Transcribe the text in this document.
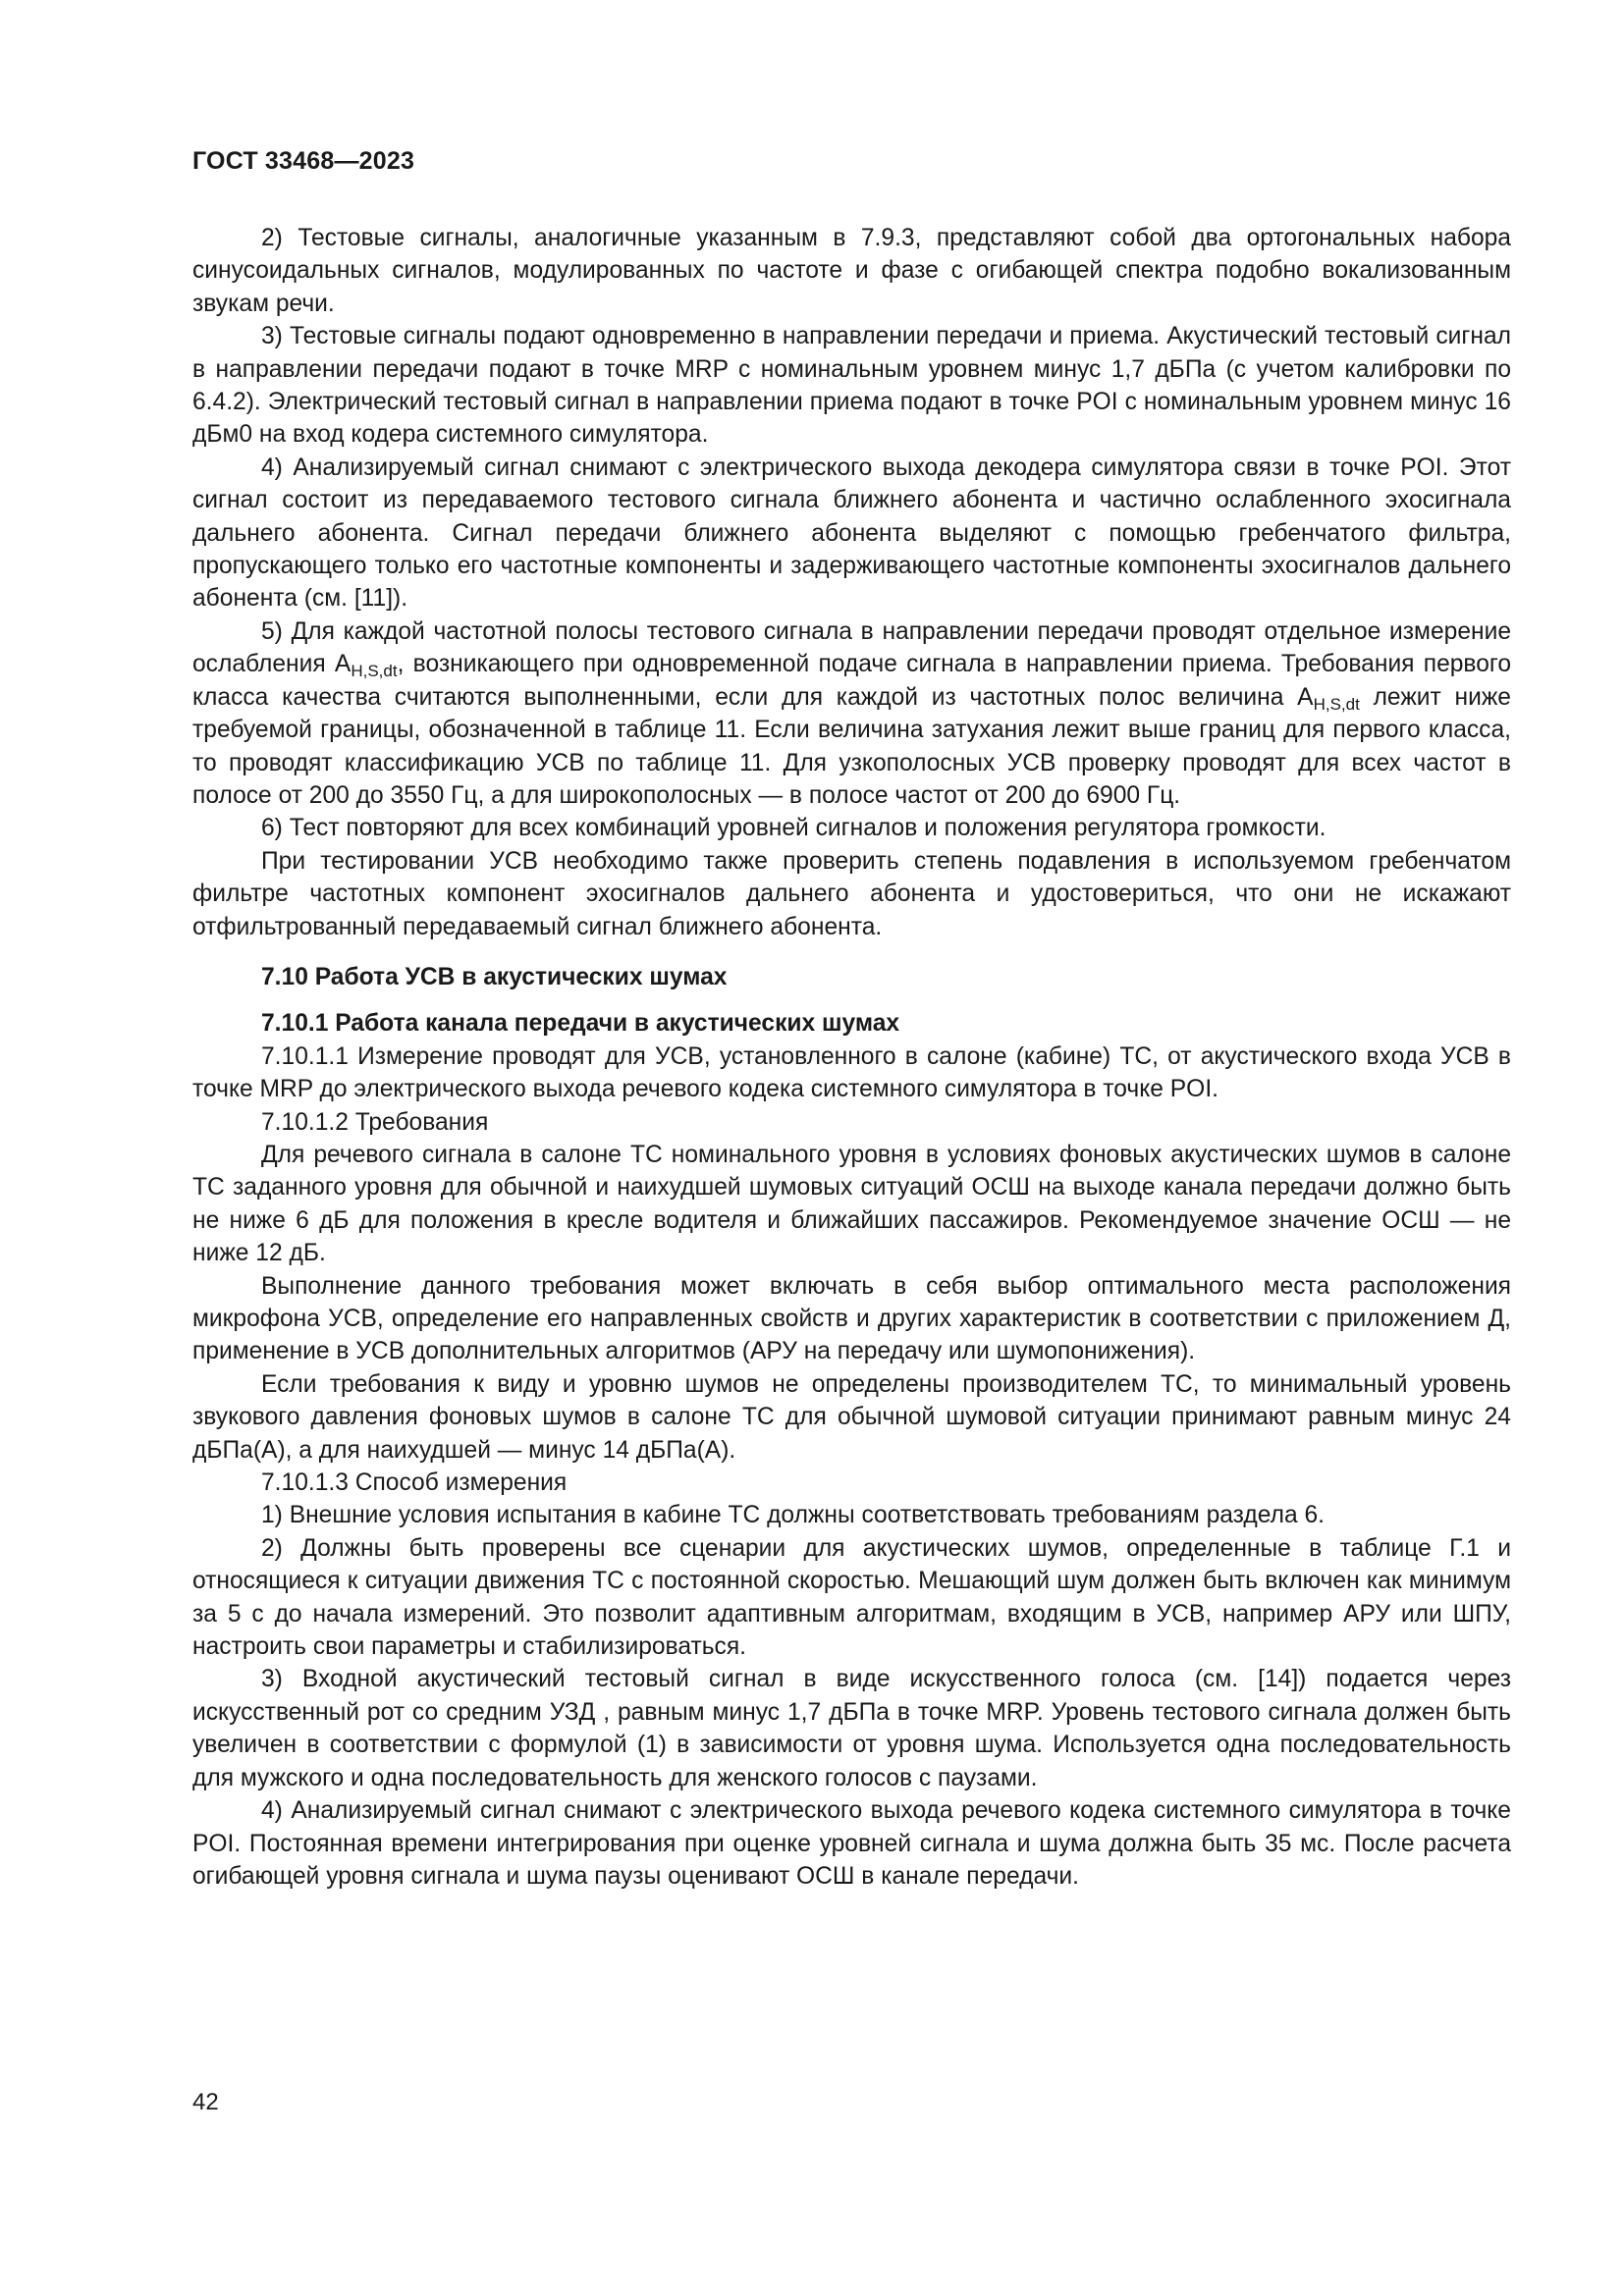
ГОСТ 33468—2023

2) Тестовые сигналы, аналогичные указанным в 7.9.3, представляют собой два ортогональных набора синусоидальных сигналов, модулированных по частоте и фазе с огибающей спектра подобно вокализованным звукам речи.

3) Тестовые сигналы подают одновременно в направлении передачи и приема. Акустический тестовый сигнал в направлении передачи подают в точке MRP с номинальным уровнем минус 1,7 дБПа (с учетом калибровки по 6.4.2). Электрический тестовый сигнал в направлении приема подают в точке POI с номинальным уровнем минус 16 дБм0 на вход кодера системного симулятора.

4) Анализируемый сигнал снимают с электрического выхода декодера симулятора связи в точке POI. Этот сигнал состоит из передаваемого тестового сигнала ближнего абонента и частично ослабленного эхосигнала дальнего абонента. Сигнал передачи ближнего абонента выделяют с помощью гребенчатого фильтра, пропускающего только его частотные компоненты и задерживающего частотные компоненты эхосигналов дальнего абонента (см. [11]).

5) Для каждой частотной полосы тестового сигнала в направлении передачи проводят отдельное измерение ослабления $A_{H,S,dt}$, возникающего при одновременной подаче сигнала в направлении приема. Требования первого класса качества считаются выполненными, если для каждой из частотных полос величина $A_{H,S,dt}$ лежит ниже требуемой границы, обозначенной в таблице 11. Если величина затухания лежит выше границ для первого класса, то проводят классификацию УСВ по таблице 11. Для узкополосных УСВ проверку проводят для всех частот в полосе от 200 до 3550 Гц, а для широкополосных — в полосе частот от 200 до 6900 Гц.

6) Тест повторяют для всех комбинаций уровней сигналов и положения регулятора громкости.

При тестировании УСВ необходимо также проверить степень подавления в используемом гребенчатом фильтре частотных компонент эхосигналов дальнего абонента и удостовериться, что они не искажают отфильтрованный передаваемый сигнал ближнего абонента.

7.10 Работа УСВ в акустических шумах
7.10.1 Работа канала передачи в акустических шумах

7.10.1.1 Измерение проводят для УСВ, установленного в салоне (кабине) ТС, от акустического входа УСВ в точке MRP до электрического выхода речевого кодека системного симулятора в точке POI.

7.10.1.2 Требования

Для речевого сигнала в салоне ТС номинального уровня в условиях фоновых акустических шумов в салоне ТС заданного уровня для обычной и наихудшей шумовых ситуаций ОСШ на выходе канала передачи должно быть не ниже 6 дБ для положения в кресле водителя и ближайших пассажиров. Рекомендуемое значение ОСШ — не ниже 12 дБ.

Выполнение данного требования может включать в себя выбор оптимального места расположения микрофона УСВ, определение его направленных свойств и других характеристик в соответствии с приложением Д, применение в УСВ дополнительных алгоритмов (АРУ на передачу или шумопонижения).

Если требования к виду и уровню шумов не определены производителем ТС, то минимальный уровень звукового давления фоновых шумов в салоне ТС для обычной шумовой ситуации принимают равным минус 24 дБПа(А), а для наихудшей — минус 14 дБПа(А).

7.10.1.3 Способ измерения

1) Внешние условия испытания в кабине ТС должны соответствовать требованиям раздела 6.

2) Должны быть проверены все сценарии для акустических шумов, определенные в таблице Г.1 и относящиеся к ситуации движения ТС с постоянной скоростью. Мешающий шум должен быть включен как минимум за 5 с до начала измерений. Это позволит адаптивным алгоритмам, входящим в УСВ, например АРУ или ШПУ, настроить свои параметры и стабилизироваться.

3) Входной акустический тестовый сигнал в виде искусственного голоса (см. [14]) подается через искусственный рот со средним УЗД , равным минус 1,7 дБПа в точке MRP. Уровень тестового сигнала должен быть увеличен в соответствии с формулой (1) в зависимости от уровня шума. Используется одна последовательность для мужского и одна последовательность для женского голосов с паузами.

4) Анализируемый сигнал снимают с электрического выхода речевого кодека системного симулятора в точке POI. Постоянная времени интегрирования при оценке уровней сигнала и шума должна быть 35 мс. После расчета огибающей уровня сигнала и шума паузы оценивают ОСШ в канале передачи.

42
